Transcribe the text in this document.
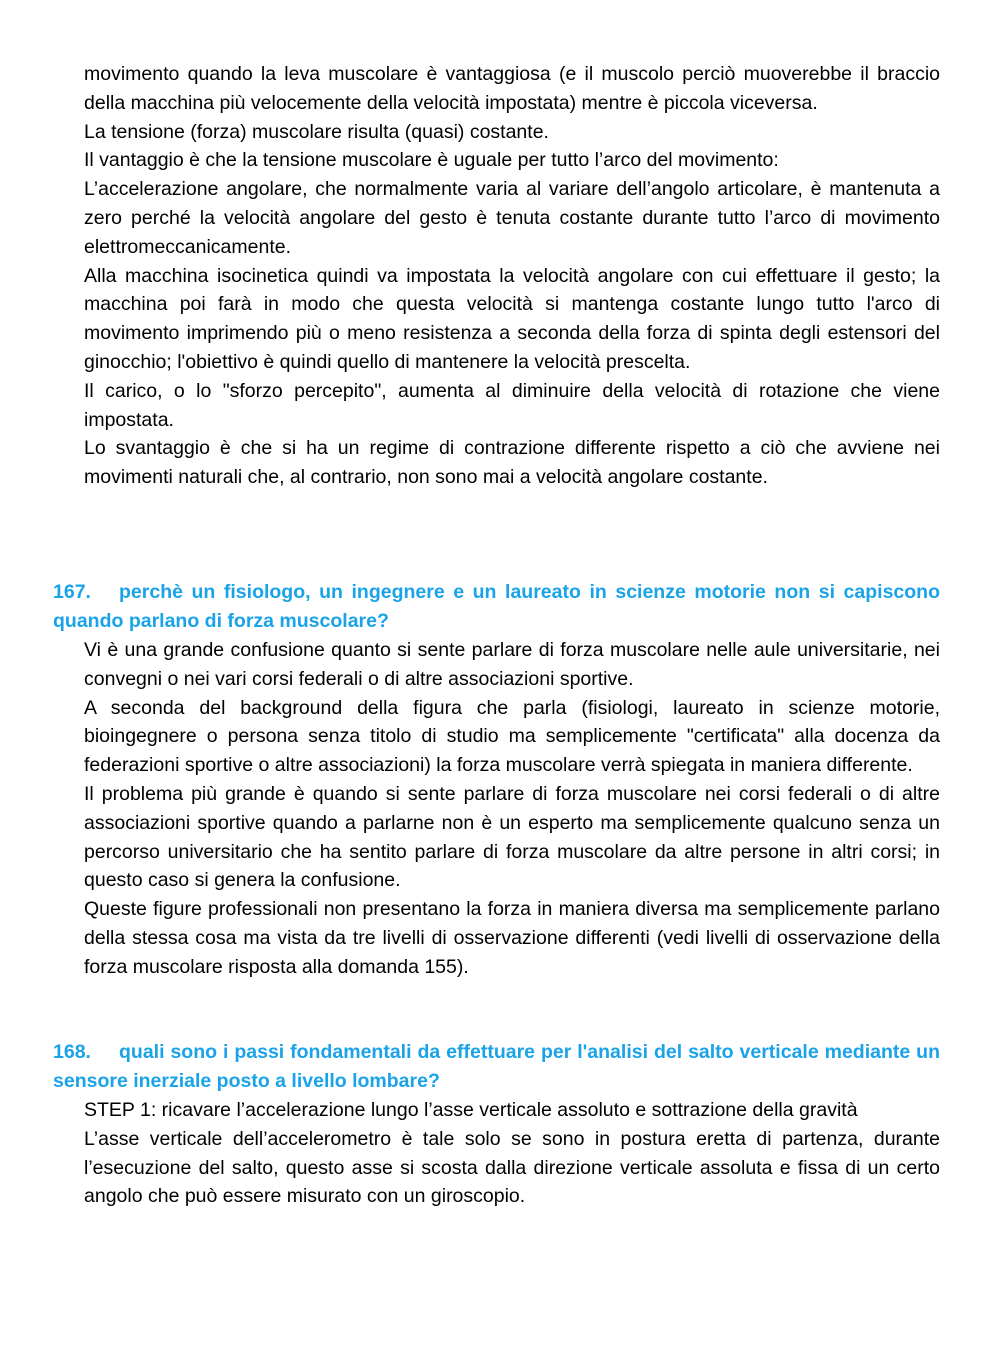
movimento quando la leva muscolare è vantaggiosa (e il muscolo perciò muoverebbe il braccio della macchina più velocemente della velocità impostata) mentre è piccola viceversa.

La tensione (forza) muscolare risulta (quasi) costante.

Il vantaggio è che la tensione muscolare è uguale per tutto l’arco del movimento:

L’accelerazione angolare, che normalmente varia al variare dell’angolo articolare, è mantenuta a zero perché la velocità angolare del gesto è tenuta costante durante tutto l’arco di movimento elettromeccanicamente.

Alla macchina isocinetica quindi va impostata la velocità angolare con cui effettuare il gesto; la macchina poi farà in modo che questa velocità si mantenga costante lungo tutto l'arco di movimento imprimendo più o meno resistenza a seconda della forza di spinta degli estensori del ginocchio; l'obiettivo è quindi quello di mantenere la velocità prescelta.

Il carico, o lo "sforzo percepito", aumenta al diminuire della velocità di rotazione che viene impostata.

Lo svantaggio è che si ha un regime di contrazione differente rispetto a ciò che avviene nei movimenti naturali che, al contrario, non sono mai a velocità angolare costante.

167. perchè un fisiologo, un ingegnere e un laureato in scienze motorie non si capiscono quando parlano di forza muscolare?

Vi è una grande confusione quanto si sente parlare di forza muscolare nelle aule universitarie, nei convegni o nei vari corsi federali o di altre associazioni sportive.

A seconda del background della figura che parla (fisiologi, laureato in scienze motorie, bioingegnere o persona senza titolo di studio ma semplicemente "certificata" alla docenza da federazioni sportive o altre associazioni) la forza muscolare verrà spiegata in maniera differente.

Il problema più grande è quando si sente parlare di forza muscolare nei corsi federali o di altre associazioni sportive quando a parlarne non è un esperto ma semplicemente qualcuno senza un percorso universitario che ha sentito parlare di forza muscolare da altre persone in altri corsi; in questo caso si genera la confusione.

Queste figure professionali non presentano la forza in maniera diversa ma semplicemente parlano della stessa cosa ma vista da tre livelli di osservazione differenti (vedi livelli di osservazione della forza muscolare risposta alla domanda 155).

168. quali sono i passi fondamentali da effettuare per l'analisi del salto verticale mediante un sensore inerziale posto a livello lombare?

STEP 1: ricavare l’accelerazione lungo l’asse verticale assoluto e sottrazione della gravità

L’asse verticale dell’accelerometro è tale solo se sono in postura eretta di partenza, durante l’esecuzione del salto, questo asse si scosta dalla direzione verticale assoluta e fissa di un certo angolo che può essere misurato con un giroscopio.
